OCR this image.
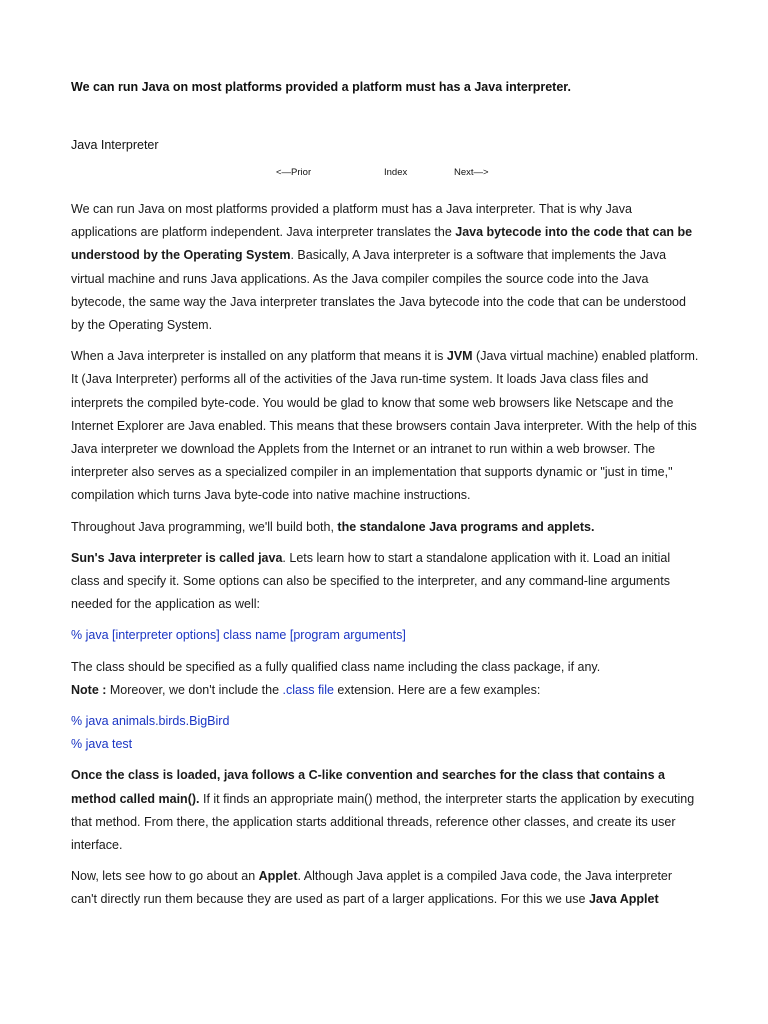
We can run Java on most platforms provided a platform must has a Java interpreter.
Java Interpreter
<—Prior	Index	Next—>

We can run Java on most platforms provided a platform must has a Java interpreter. That is why Java applications are platform independent. Java interpreter translates the Java bytecode into the code that can be understood by the Operating System. Basically, A Java interpreter is a software that implements the Java virtual machine and runs Java applications. As the Java compiler compiles the source code into the Java bytecode, the same way the Java interpreter translates the Java bytecode into the code that can be understood by the Operating System.

When a Java interpreter is installed on any platform that means it is JVM (Java virtual machine) enabled platform. It (Java Interpreter) performs all of the activities of the Java run-time system. It loads Java class files and interprets the compiled byte-code. You would be glad to know that some web browsers like Netscape and the Internet Explorer are Java enabled. This means that these browsers contain Java interpreter. With the help of this Java interpreter we download the Applets from the Internet or an intranet to run within a web browser. The interpreter also serves as a specialized compiler in an implementation that supports dynamic or "just in time," compilation which turns Java byte-code into native machine instructions.

Throughout Java programming, we'll build both, the standalone Java programs and applets.

Sun's Java interpreter is called java. Lets learn how to start a standalone application with it. Load an initial class and specify it. Some options can also be specified to the interpreter, and any command-line arguments needed for the application as well:

% java [interpreter options] class name [program arguments]

The class should be specified as a fully qualified class name including the class package, if any.
Note : Moreover, we don't include the .class file extension. Here are a few examples:

% java animals.birds.BigBird
% java test

Once the class is loaded, java follows a C-like convention and searches for the class that contains a method called main(). If it finds an appropriate main() method, the interpreter starts the application by executing that method. From there, the application starts additional threads, reference other classes, and create its user interface.

Now, lets see how to go about an Applet. Although Java applet is a compiled Java code, the Java interpreter can't directly run them because they are used as part of a larger applications. For this we use Java Applet
